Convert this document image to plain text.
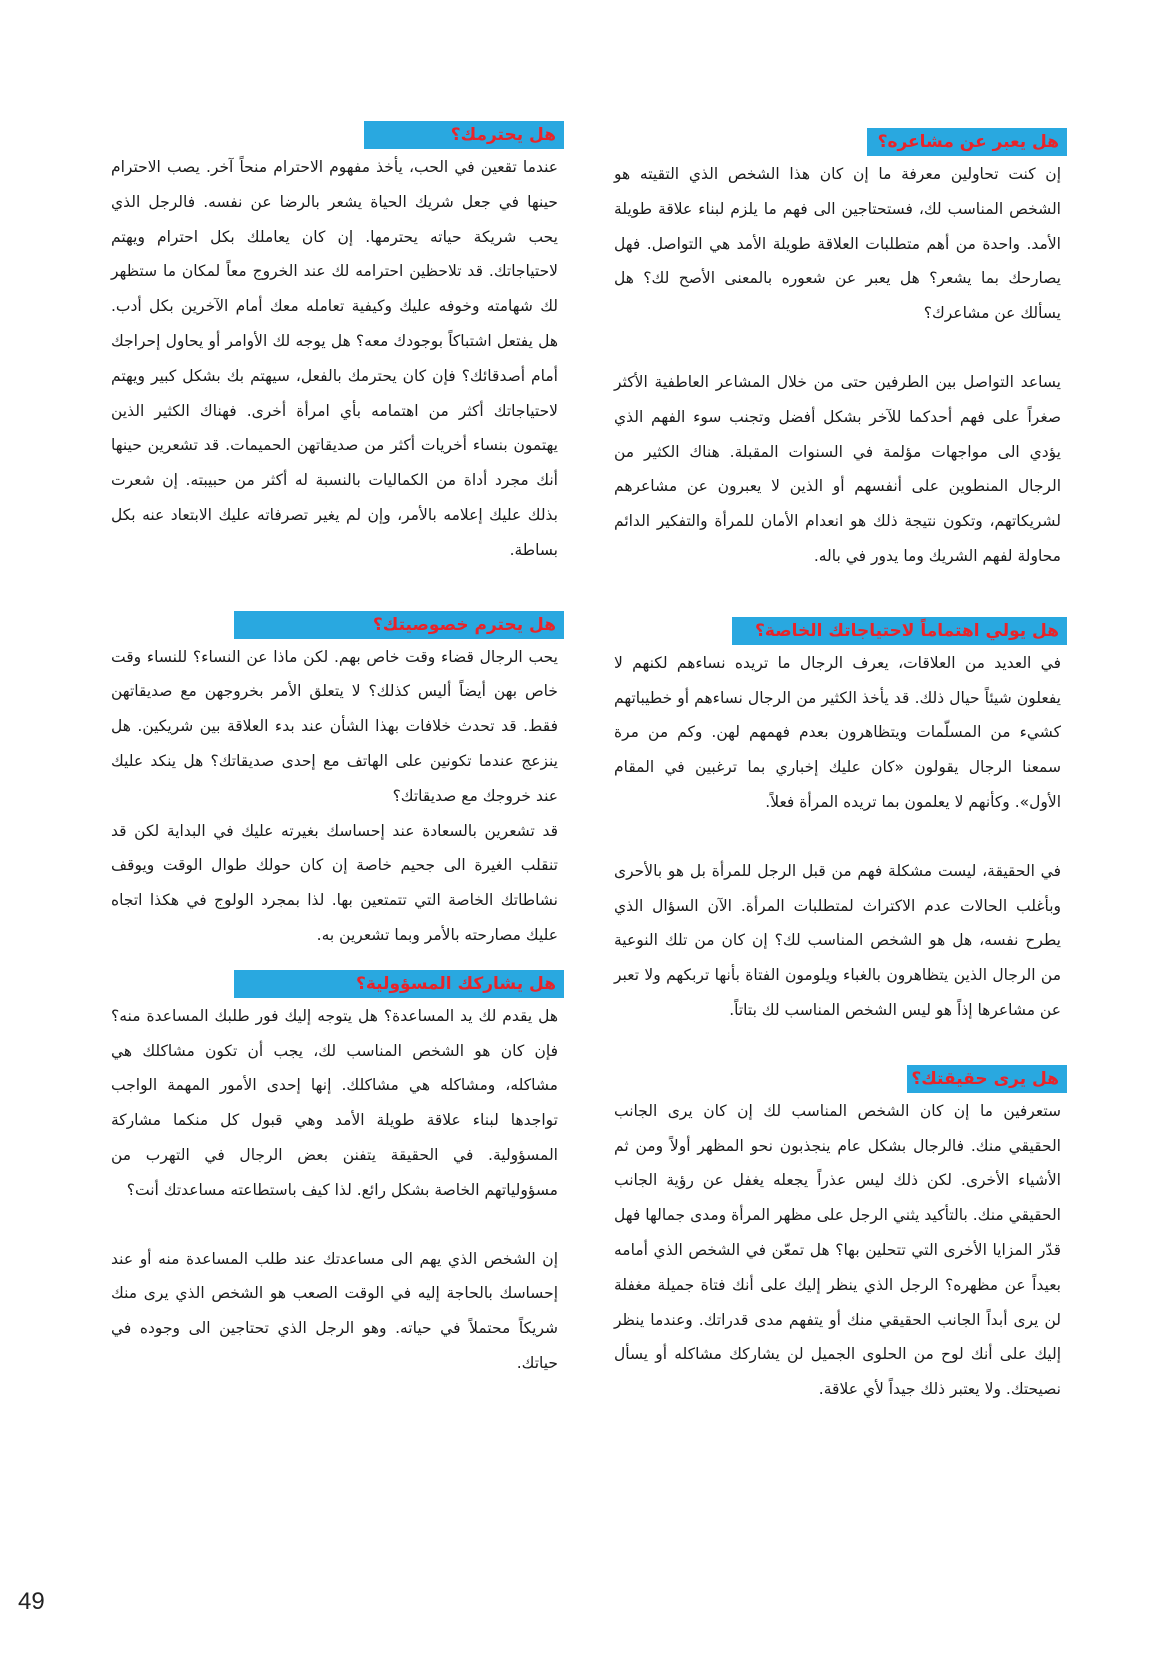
هل يعبر عن مشاعره؟

إن كنت تحاولين معرفة ما إن كان هذا الشخص الذي التقيته هو الشخص المناسب لك، فستحتاجين الى فهم ما يلزم لبناء علاقة طويلة الأمد. واحدة من أهم متطلبات العلاقة طويلة الأمد هي التواصل. فهل يصارحك بما يشعر؟ هل يعبر عن شعوره بالمعنى الأصح لك؟ هل يسألك عن مشاعرك؟

يساعد التواصل بين الطرفين حتى من خلال المشاعر العاطفية الأكثر صغراً على فهم أحدكما للآخر بشكل أفضل وتجنب سوء الفهم الذي يؤدي الى مواجهات مؤلمة في السنوات المقبلة. هناك الكثير من الرجال المنطوين على أنفسهم أو الذين لا يعبرون عن مشاعرهم لشريكاتهم، وتكون نتيجة ذلك هو انعدام الأمان للمرأة والتفكير الدائم محاولة لفهم الشريك وما يدور في باله.

هل يولي اهتماماً لاحتياجاتك الخاصة؟

في العديد من العلاقات، يعرف الرجال ما تريده نساءهم لكنهم لا يفعلون شيئاً حيال ذلك. قد يأخذ الكثير من الرجال نساءهم أو خطيباتهم كشيء من المسلّمات ويتظاهرون بعدم فهمهم لهن. وكم من مرة سمعنا الرجال يقولون «كان عليك إخباري بما ترغبين في المقام الأول». وكأنهم لا يعلمون بما تريده المرأة فعلاً.

في الحقيقة، ليست مشكلة فهم من قبل الرجل للمرأة بل هو بالأحرى وبأغلب الحالات عدم الاكتراث لمتطلبات المرأة. الآن السؤال الذي يطرح نفسه، هل هو الشخص المناسب لك؟ إن كان من تلك النوعية من الرجال الذين يتظاهرون بالغباء ويلومون الفتاة بأنها تربكهم ولا تعبر عن مشاعرها إذاً هو ليس الشخص المناسب لك بتاتاً.

هل يرى حقيقتك؟

ستعرفين ما إن كان الشخص المناسب لك إن كان يرى الجانب الحقيقي منك. فالرجال بشكل عام ينجذبون نحو المظهر أولاً ومن ثم الأشياء الأخرى. لكن ذلك ليس عذراً يجعله يغفل عن رؤية الجانب الحقيقي منك. بالتأكيد يثني الرجل على مظهر المرأة ومدى جمالها فهل قدّر المزايا الأخرى التي تتحلين بها؟ هل تمعّن في الشخص الذي أمامه بعيداً عن مظهره؟ الرجل الذي ينظر إليك على أنك فتاة جميلة مغفلة لن يرى أبداً الجانب الحقيقي منك أو يتفهم مدى قدراتك. وعندما ينظر إليك على أنك لوح من الحلوى الجميل لن يشاركك مشاكله أو يسأل نصيحتك. ولا يعتبر ذلك جيداً لأي علاقة.

هل يحترمك؟

عندما تقعين في الحب، يأخذ مفهوم الاحترام منحاً آخر. يصب الاحترام حينها في جعل شريك الحياة يشعر بالرضا عن نفسه. فالرجل الذي يحب شريكة حياته يحترمها. إن كان يعاملك بكل احترام ويهتم لاحتياجاتك. قد تلاحظين احترامه لك عند الخروج معاً لمكان ما ستظهر لك شهامته وخوفه عليك وكيفية تعامله معك أمام الآخرين بكل أدب. هل يفتعل اشتباكاً بوجودك معه؟ هل يوجه لك الأوامر أو يحاول إحراجك أمام أصدقائك؟ فإن كان يحترمك بالفعل، سيهتم بك بشكل كبير ويهتم لاحتياجاتك أكثر من اهتمامه بأي امرأة أخرى. فهناك الكثير الذين يهتمون بنساء أخريات أكثر من صديقاتهن الحميمات. قد تشعرين حينها أنك مجرد أداة من الكماليات بالنسبة له أكثر من حبيبته. إن شعرت بذلك عليك إعلامه بالأمر، وإن لم يغير تصرفاته عليك الابتعاد عنه بكل بساطة.

هل يحترم خصوصيتك؟

يحب الرجال قضاء وقت خاص بهم. لكن ماذا عن النساء؟ للنساء وقت خاص بهن أيضاً أليس كذلك؟ لا يتعلق الأمر بخروجهن مع صديقاتهن فقط. قد تحدث خلافات بهذا الشأن عند بدء العلاقة بين شريكين. هل ينزعج عندما تكونين على الهاتف مع إحدى صديقاتك؟ هل ينكد عليك عند خروجك مع صديقاتك؟

قد تشعرين بالسعادة عند إحساسك بغيرته عليك في البداية لكن قد تنقلب الغيرة الى جحيم خاصة إن كان حولك طوال الوقت ويوقف نشاطاتك الخاصة التي تتمتعين بها. لذا بمجرد الولوج في هكذا اتجاه عليك مصارحته بالأمر وبما تشعرين به.

هل يشاركك المسؤولية؟

هل يقدم لك يد المساعدة؟ هل يتوجه إليك فور طلبك المساعدة منه؟ فإن كان هو الشخص المناسب لك، يجب أن تكون مشاكلك هي مشاكله، ومشاكله هي مشاكلك. إنها إحدى الأمور المهمة الواجب تواجدها لبناء علاقة طويلة الأمد وهي قبول كل منكما مشاركة المسؤولية. في الحقيقة يتفنن بعض الرجال في التهرب من مسؤولياتهم الخاصة بشكل رائع. لذا كيف باستطاعته مساعدتك أنت؟

إن الشخص الذي يهم الى مساعدتك عند طلب المساعدة منه أو عند إحساسك بالحاجة إليه في الوقت الصعب هو الشخص الذي يرى منك شريكاً محتملاً في حياته. وهو الرجل الذي تحتاجين الى وجوده في حياتك.

49
